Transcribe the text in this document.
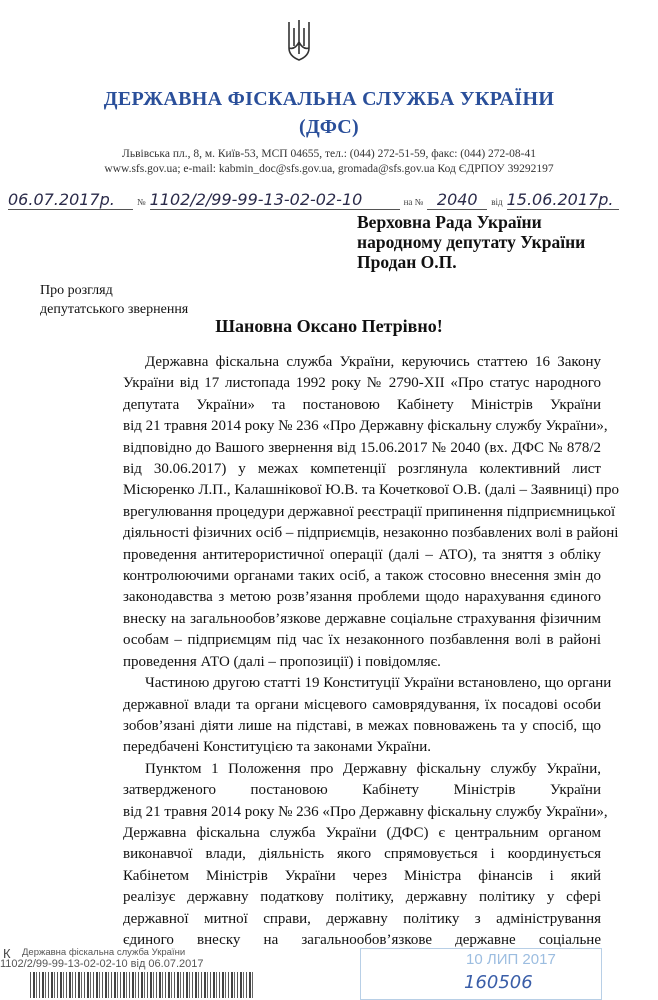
ДЕРЖАВНА ФІСКАЛЬНА СЛУЖБА УКРАЇНИ
(ДФС)
Львівська пл., 8, м. Київ-53, МСП 04655, тел.: (044) 272-51-59, факс: (044) 272-08-41
www.sfs.gov.ua; e-mail: kabmin_doc@sfs.gov.ua, gromada@sfs.gov.ua Код ЄДРПОУ 39292197
06.07.2017р. № 1102/2/99-99-13-02-02-10	на № 2040 від 15.06.2017р.
Верховна Рада України
народному депутату України
Продан О.П.
Про розгляд
депутатського звернення
Шановна Оксано Петрівно!
Державна фіскальна служба України, керуючись статтею 16 Закону
України від 17 листопада 1992 року № 2790-XII «Про статус народного
депутата України» та постановою Кабінету Міністрів України
від 21 травня 2014 року № 236 «Про Державну фіскальну службу України»,
відповідно до Вашого звернення від 15.06.2017 № 2040 (вх. ДФС № 878/2
від 30.06.2017) у межах компетенції розглянула колективний лист
Місюренко Л.П., Калашнікової Ю.В. та Кочеткової О.В. (далі – Заявниці) про
врегулювання процедури державної реєстрації припинення підприємницької
діяльності фізичних осіб – підприємців, незаконно позбавлених волі в районі
проведення антитерористичної операції (далі – АТО), та зняття з обліку
контролюючими органами таких осіб, а також стосовно внесення змін до
законодавства з метою розв’язання проблеми щодо нарахування єдиного
внеску на загальнообов’язкове державне соціальне страхування фізичним
особам – підприємцям під час їх незаконного позбавлення волі в районі
проведення АТО (далі – пропозиції) і повідомляє.
Частиною другою статті 19 Конституції України встановлено, що органи
державної влади та органи місцевого самоврядування, їх посадові особи
зобов’язані діяти лише на підставі, в межах повноважень та у спосіб, що
передбачені Конституцією та законами України.
Пунктом 1 Положення про Державну фіскальну службу України,
затвердженого постановою Кабінету Міністрів України
від 21 травня 2014 року № 236 «Про Державну фіскальну службу України»,
Державна фіскальна служба України (ДФС) є центральним органом
виконавчої влади, діяльність якого спрямовується і координується
Кабінетом Міністрів України через Міністра фінансів і який
реалізує державну податкову політику, державну політику у сфері
державної митної справи, державну політику з адміністрування
єдиного внеску на загальнообов’язкове державне соціальне
К Державна фіскальна служба України
1102/2/99-99-13-02-02-10 від 06.07.2017	10 ЛИП 2017
160506
